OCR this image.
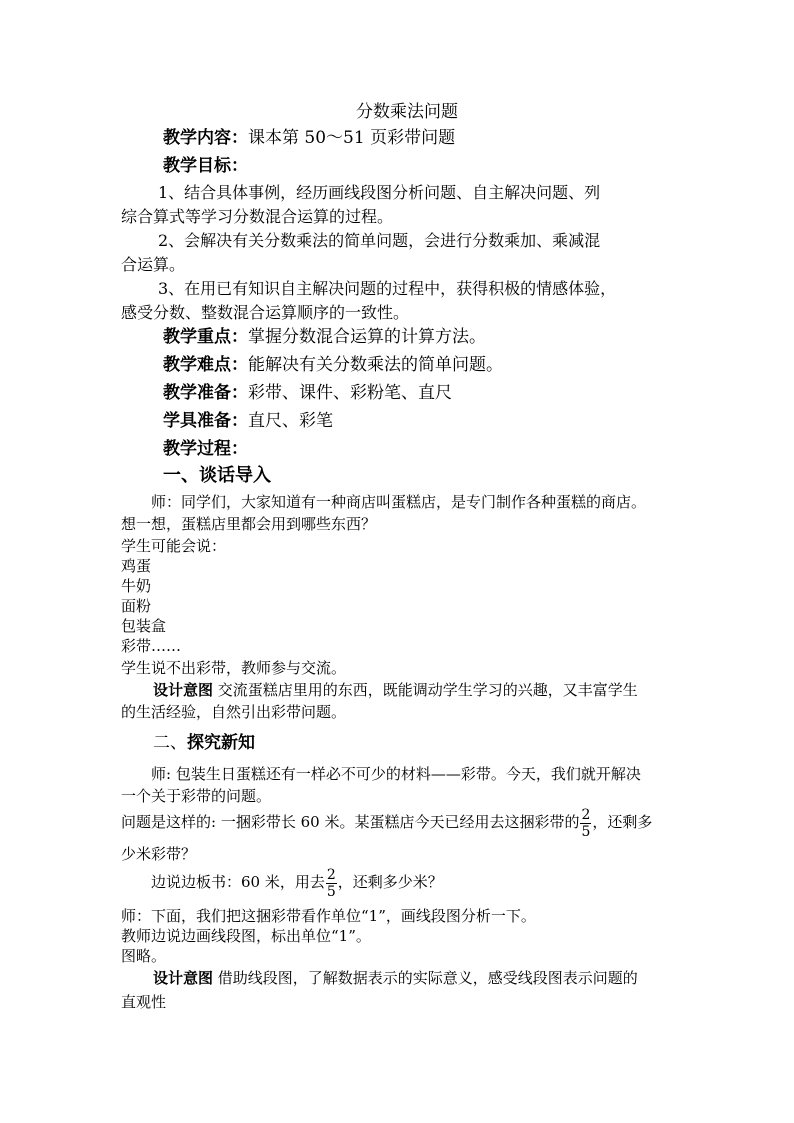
分数乘法问题
教学内容：课本第 50～51 页彩带问题
教学目标：
1、结合具体事例，经历画线段图分析问题、自主解决问题、列
综合算式等学习分数混合运算的过程。
2、会解决有关分数乘法的简单问题，会进行分数乘加、乘减混
合运算。
3、在用已有知识自主解决问题的过程中，获得积极的情感体验，
感受分数、整数混合运算顺序的一致性。
教学重点：掌握分数混合运算的计算方法。
教学难点：能解决有关分数乘法的简单问题。
教学准备：彩带、课件、彩粉笔、直尺
学具准备：直尺、彩笔
教学过程：
一、谈话导入
师：同学们，大家知道有一种商店叫蛋糕店，是专门制作各种蛋糕的商店。
想一想，蛋糕店里都会用到哪些东西？
学生可能会说：
鸡蛋
牛奶
面粉
包装盒
彩带……
学生说不出彩带，教师参与交流。
设计意图 交流蛋糕店里用的东西，既能调动学生学习的兴趣，又丰富学生
的生活经验，自然引出彩带问题。
二、探究新知
师: 包装生日蛋糕还有一样必不可少的材料——彩带。今天，我们就开解决
一个关于彩带的问题。
问题是这样的: 一捆彩带长 60 米。某蛋糕店今天已经用去这捆彩带的 $\frac{2}{5}$ ，还剩多
少米彩带？
边说边板书：60 米，用去 $\frac{2}{5}$ ，还剩多少米？
师：下面，我们把这捆彩带看作单位“1”，画线段图分析一下。
教师边说边画线段图，标出单位“1”。
图略。
设计意图 借助线段图，了解数据表示的实际意义，感受线段图表示问题的
直观性
